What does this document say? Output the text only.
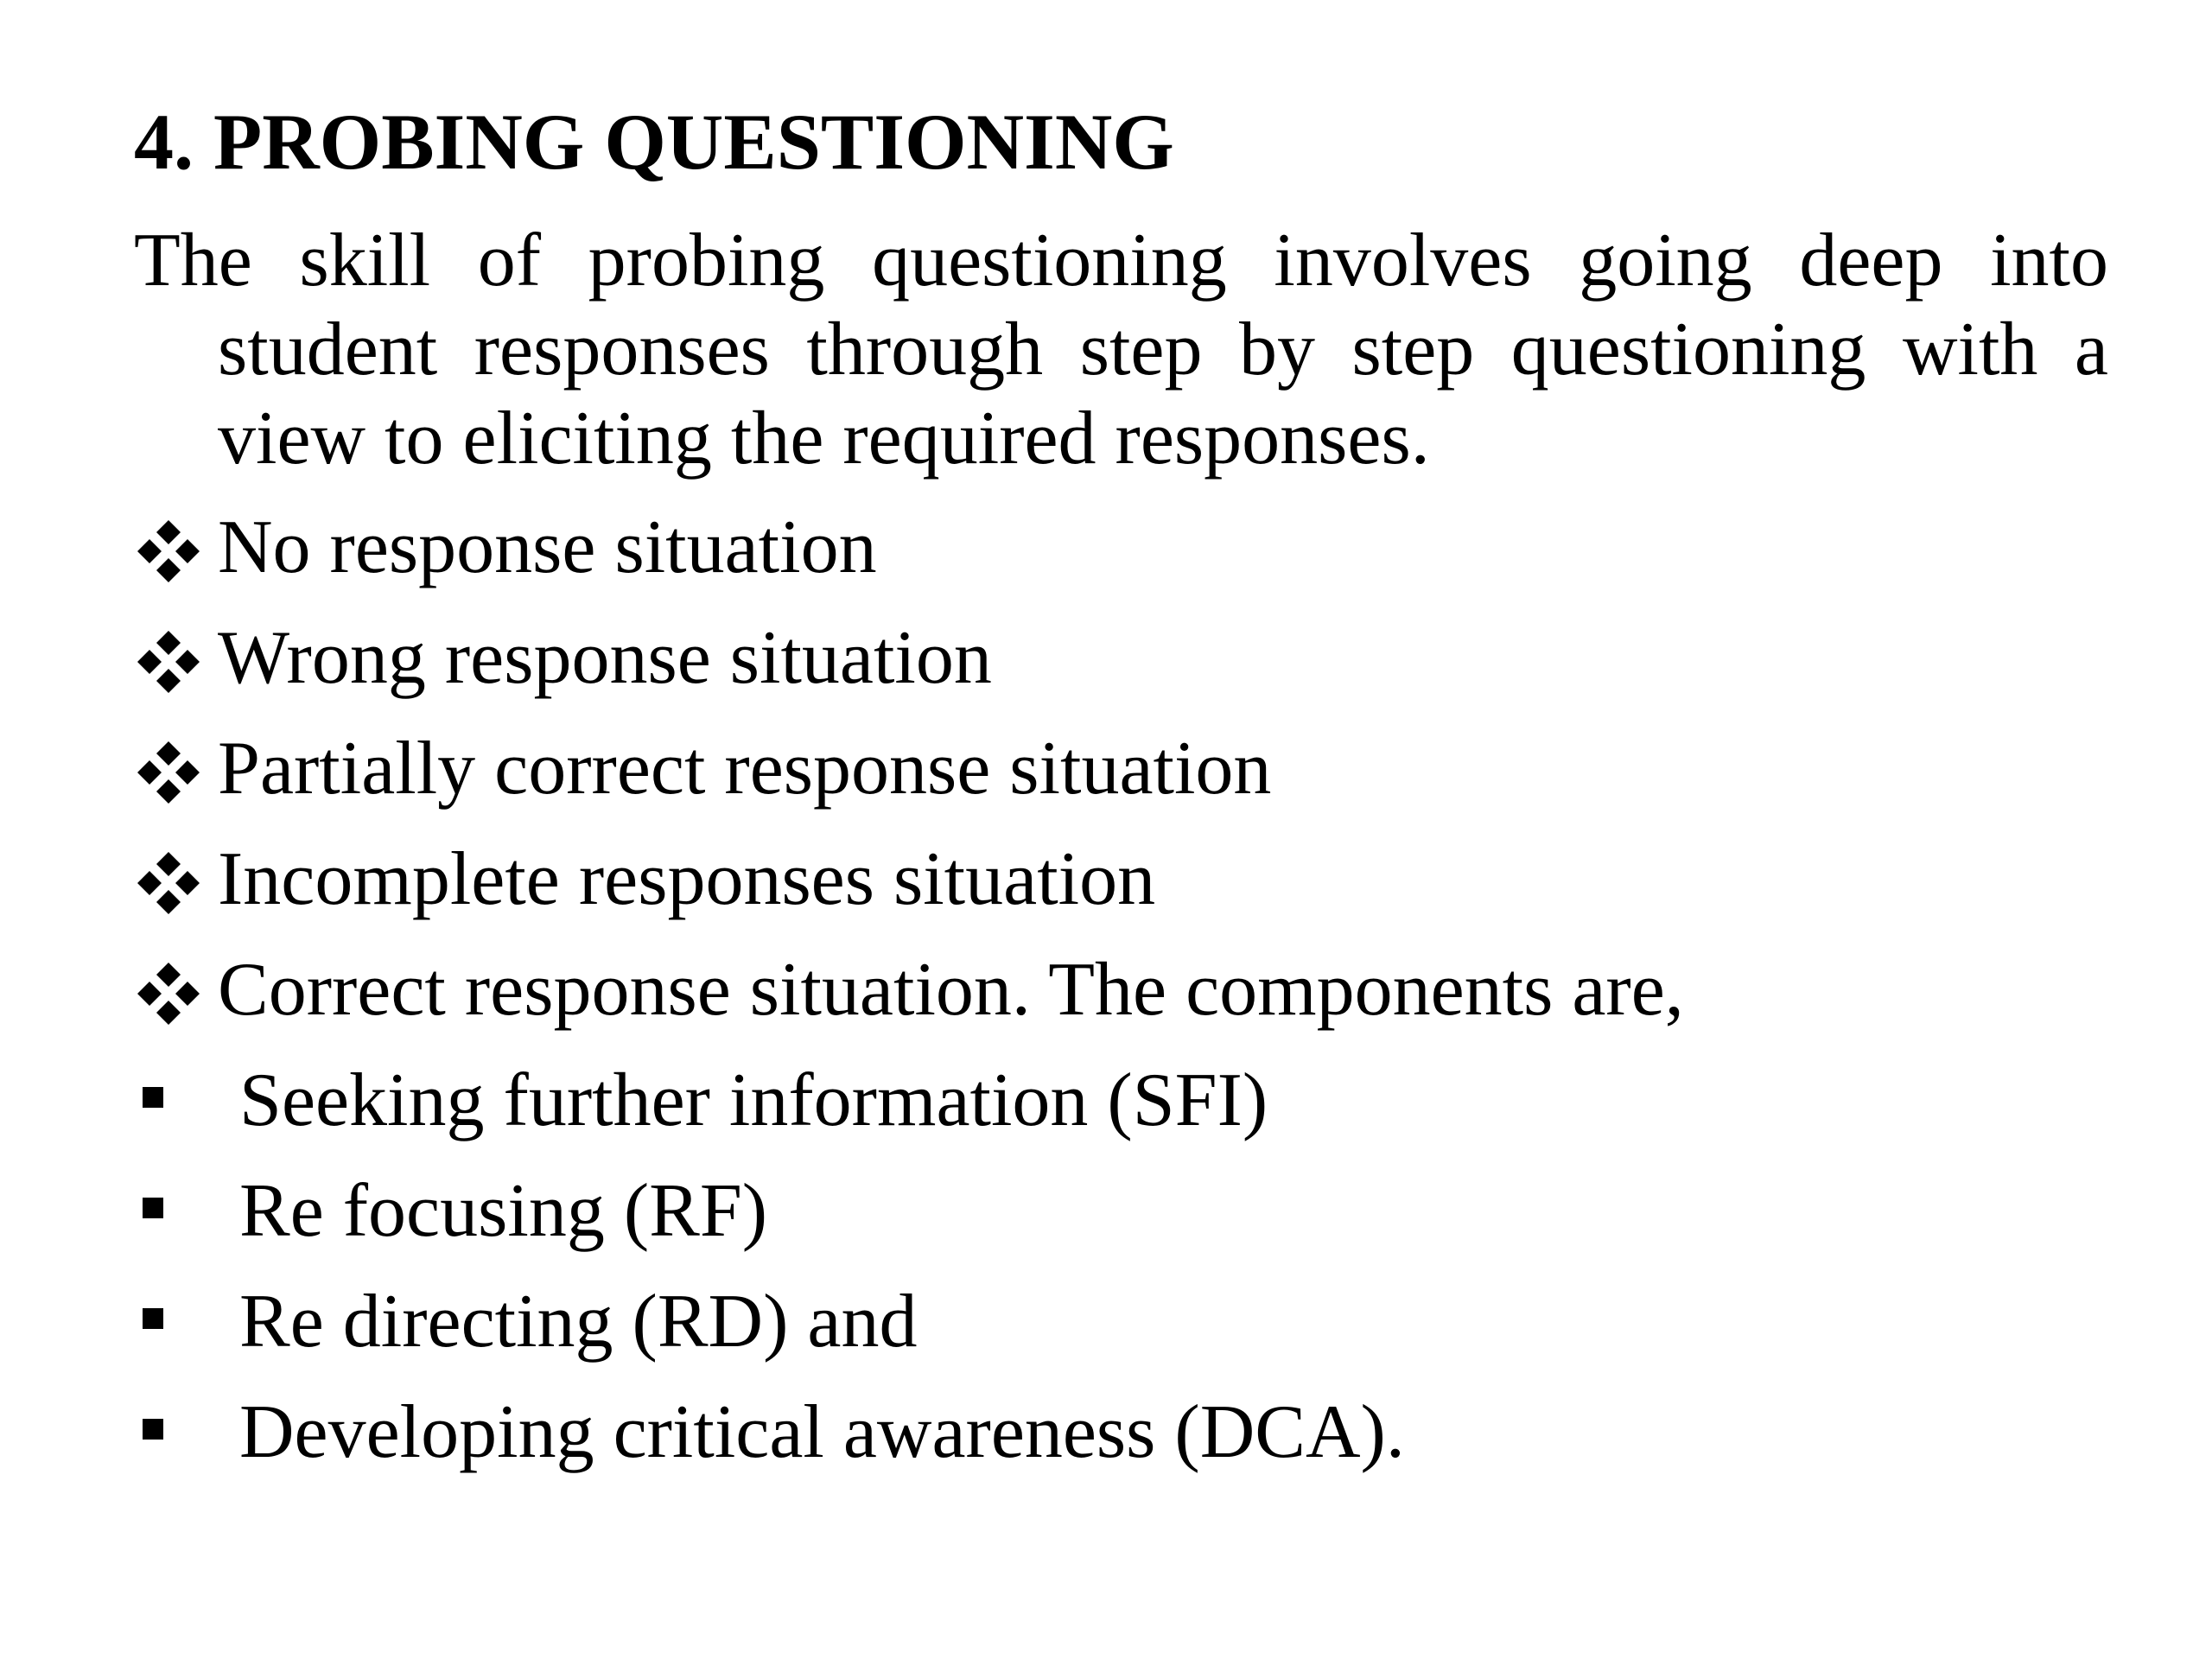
4. PROBING QUESTIONING

The skill of probing questioning involves going deep into student responses through step by step questioning with a view to eliciting the required responses.

No response situation
Wrong response situation
Partially correct response situation
Incomplete responses situation
Correct response situation. The components are,
Seeking further information (SFI)
Re focusing (RF)
Re directing (RD) and
Developing critical awareness (DCA).
